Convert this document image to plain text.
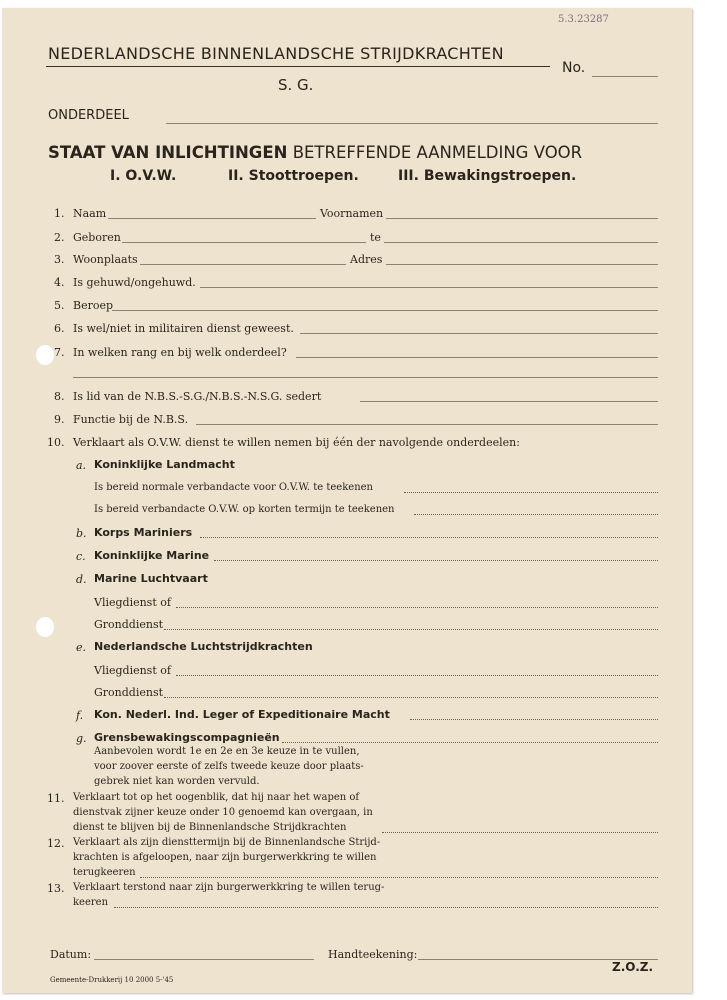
5.3.23287
NEDERLANDSCHE BINNENLANDSCHE STRIJDKRACHTEN
No.
S. G.
ONDERDEEL
STAAT VAN INLICHTINGEN BETREFFENDE AANMELDING VOOR
I. O.V.W.	II. Stoottroepen.	III. Bewakingstroepen.
1. Naam	Voornamen
2. Geboren	te
3. Woonplaats	Adres
4. Is gehuwd/ongehuwd.
5. Beroep
6. Is wel/niet in militairen dienst geweest.
7. In welken rang en bij welk onderdeel?
8. Is lid van de N.B.S.-S.G./N.B.S.-N.S.G. sedert
9. Functie bij de N.B.S.
10. Verklaart als O.V.W. dienst te willen nemen bij één der navolgende onderdeelen:
a. Koninklijke Landmacht
Is bereid normale verbandacte voor O.V.W. te teekenen
Is bereid verbandacte O.V.W. op korten termijn te teekenen
b. Korps Mariniers
c. Koninklijke Marine
d. Marine Luchtvaart
Vliegdienst of
Gronddienst
e. Nederlandsche Luchtstrijdkrachten
Vliegdienst of
Gronddienst
f. Kon. Nederl. Ind. Leger of Expeditionaire Macht
g. Grensbewakingscompagnieën
Aanbevolen wordt 1e en 2e en 3e keuze in te vullen,
voor zoover eerste of zelfs tweede keuze door plaats-
gebrek niet kan worden vervuld.
11. Verklaart tot op het oogenblik, dat hij naar het wapen of
dienstvak zijner keuze onder 10 genoemd kan overgaan, in
dienst te blijven bij de Binnenlandsche Strijdkrachten
12. Verklaart als zijn diensttermijn bij de Binnenlandsche Strijd-
krachten is afgeloopen, naar zijn burgerwerkkring te willen
terugkeeren
13. Verklaart terstond naar zijn burgerwerkkring te willen terug-
keeren
Datum:	Handteekening:
Z.O.Z.
Gemeente-Drukkerij 10 2000 5-'45
